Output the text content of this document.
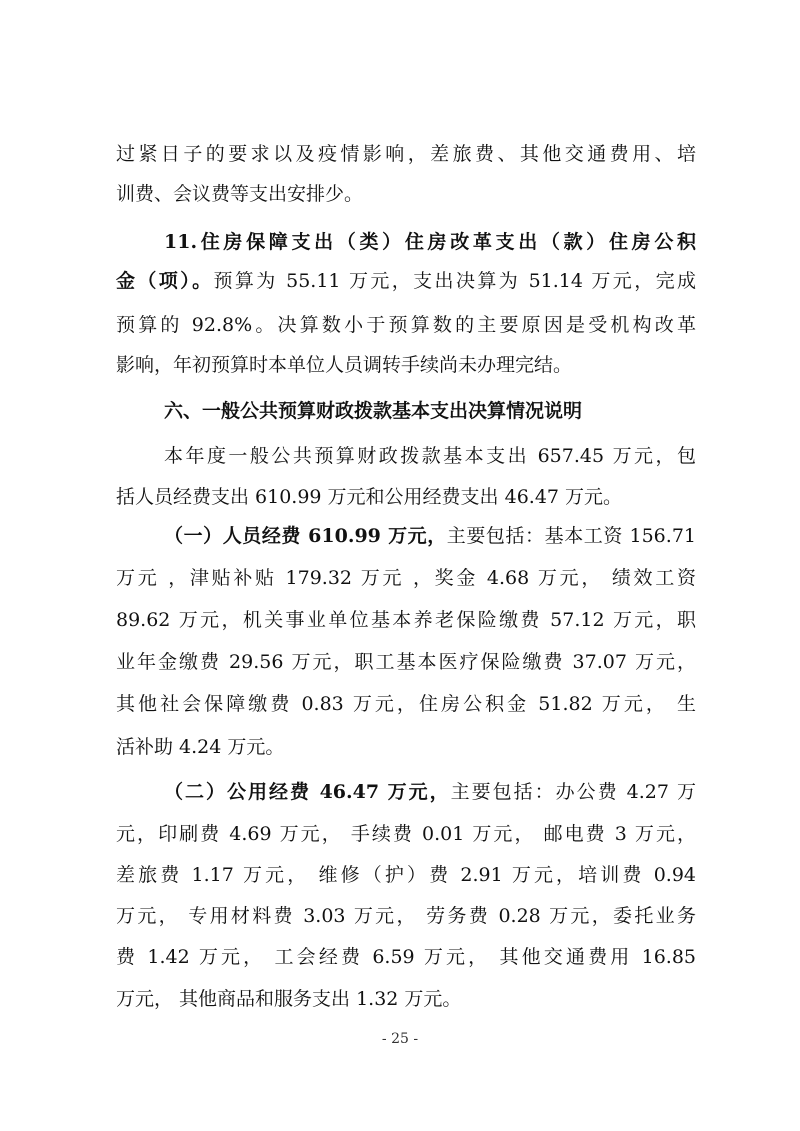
过紧日子的要求以及疫情影响，差旅费、其他交通费用、培
训费、会议费等支出安排少。
11.住房保障支出（类）住房改革支出（款）住房公积
金（项）。预算为 55.11 万元，支出决算为 51.14 万元，完成
预算的 92.8%。决算数小于预算数的主要原因是受机构改革
影响，年初预算时本单位人员调转手续尚未办理完结。
六、一般公共预算财政拨款基本支出决算情况说明
本年度一般公共预算财政拨款基本支出 657.45 万元，包
括人员经费支出 610.99 万元和公用经费支出 46.47 万元。
（一）人员经费 610.99 万元，主要包括：基本工资 156.71
万元 ，津贴补贴 179.32 万元 ，奖金 4.68 万元， 绩效工资
89.62 万元，机关事业单位基本养老保险缴费 57.12 万元，职
业年金缴费 29.56 万元，职工基本医疗保险缴费 37.07 万元，
其他社会保障缴费 0.83 万元，住房公积金 51.82 万元， 生
活补助 4.24 万元。
（二）公用经费 46.47 万元，主要包括：办公费 4.27 万
元，印刷费 4.69 万元， 手续费 0.01 万元， 邮电费 3 万元，
差旅费 1.17 万元， 维修（护）费 2.91 万元，培训费 0.94
万元， 专用材料费 3.03 万元， 劳务费 0.28 万元，委托业务
费 1.42 万元， 工会经费 6.59 万元， 其他交通费用 16.85
万元， 其他商品和服务支出 1.32 万元。
- 25 -
